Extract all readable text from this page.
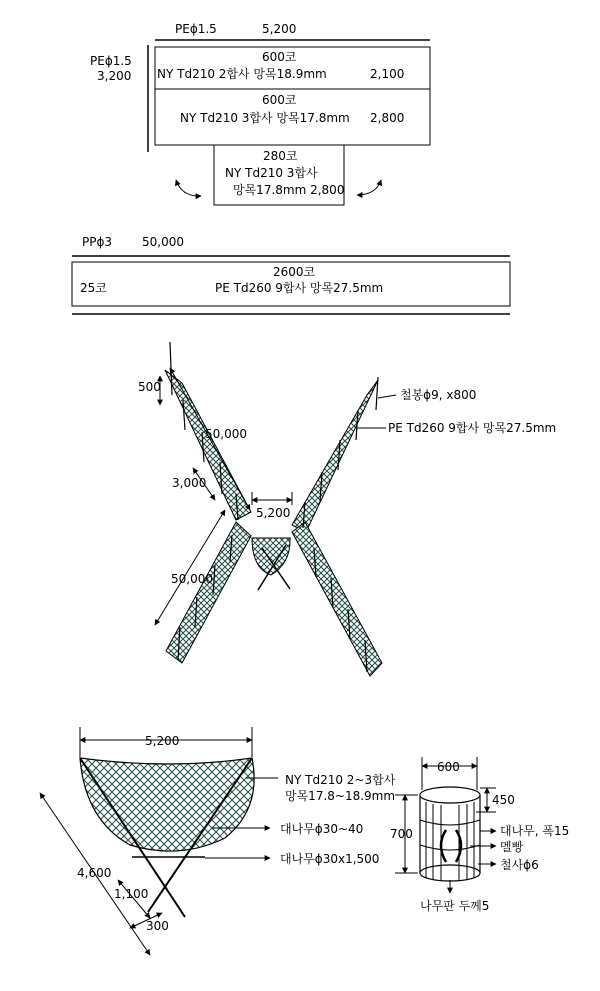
PEϕ1.5	5,200
PEϕ1.5
3,200
600코
NY Td210 2합사 망목18.9mm	2,100
600코
NY Td210 3합사 망목17.8mm 2,800
280코
NY Td210 3합사
망목17.8mm 2,800
PPϕ3 50,000
2600코
25코	PE Td260 9합사 망목27.5mm
500
50,000
3,000
5,200
50,000
철봉ϕ9, x800
PE Td260 9합사 망목27.5mm
5,200
NY Td210 2~3합사
망목17.8~18.9mm
대나무ϕ30~40
대나무ϕ30x1,500
4,600
1,100
300
600
450
700	대나무, 폭15
멜빵
철사ϕ6
나무판 두께5
